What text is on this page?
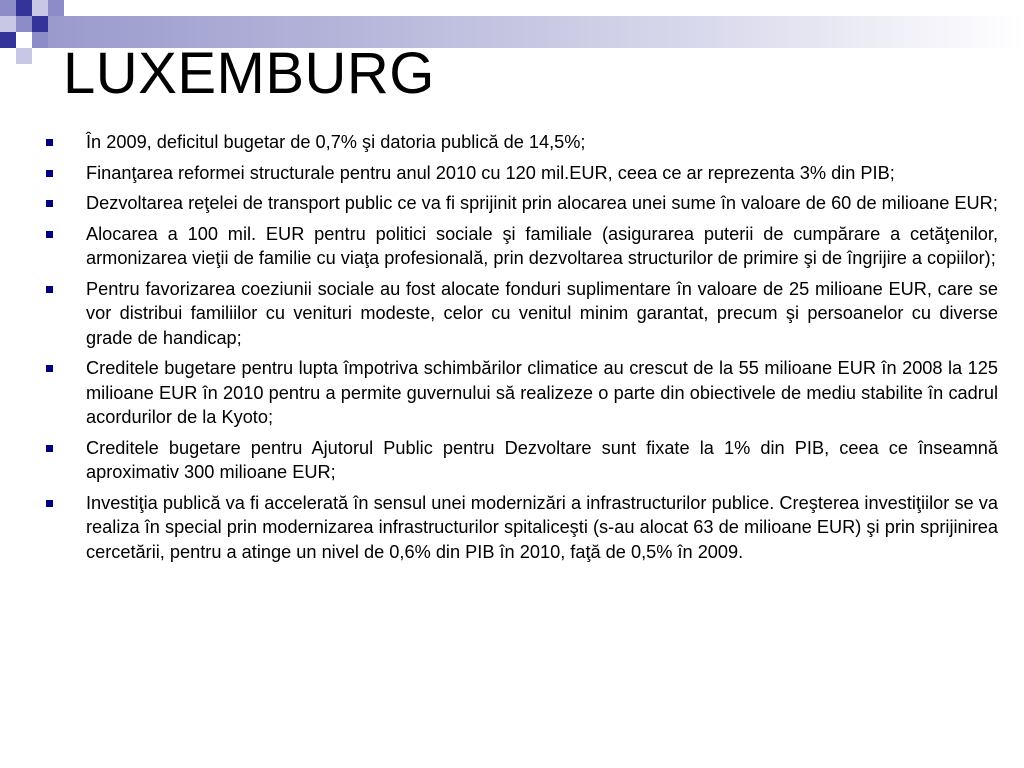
LUXEMBURG
În 2009, deficitul bugetar de 0,7% şi datoria publică de 14,5%;
Finanţarea reformei structurale pentru anul 2010 cu 120 mil.EUR, ceea ce ar reprezenta 3% din PIB;
Dezvoltarea reţelei de transport public ce va fi sprijinit prin alocarea unei sume în valoare de 60 de milioane EUR;
Alocarea a 100 mil. EUR pentru politici sociale şi familiale (asigurarea puterii de cumpărare a cetăţenilor, armonizarea vieţii de familie cu viaţa profesională, prin dezvoltarea structurilor de primire şi de îngrijire a copiilor);
Pentru favorizarea coeziunii sociale au fost alocate fonduri suplimentare în valoare de 25 milioane EUR, care se vor distribui familiilor cu venituri modeste, celor cu venitul minim garantat, precum şi persoanelor cu diverse grade de handicap;
Creditele bugetare pentru lupta împotriva schimbărilor climatice au crescut de la 55 milioane EUR în 2008 la 125 milioane EUR în 2010 pentru a permite guvernului să realizeze o parte din obiectivele de mediu stabilite în cadrul acordurilor de la Kyoto;
Creditele bugetare pentru Ajutorul Public pentru Dezvoltare sunt fixate la 1% din PIB, ceea ce înseamnă aproximativ 300 milioane EUR;
Investiţia publică va fi accelerată în sensul unei modernizări a infrastructurilor publice. Creşterea investiţiilor se va realiza în special prin modernizarea infrastructurilor spitaliceşti (s-au alocat 63 de milioane EUR) şi prin sprijinirea cercetării, pentru a atinge un nivel de 0,6% din PIB în 2010, faţă de 0,5% în 2009.
